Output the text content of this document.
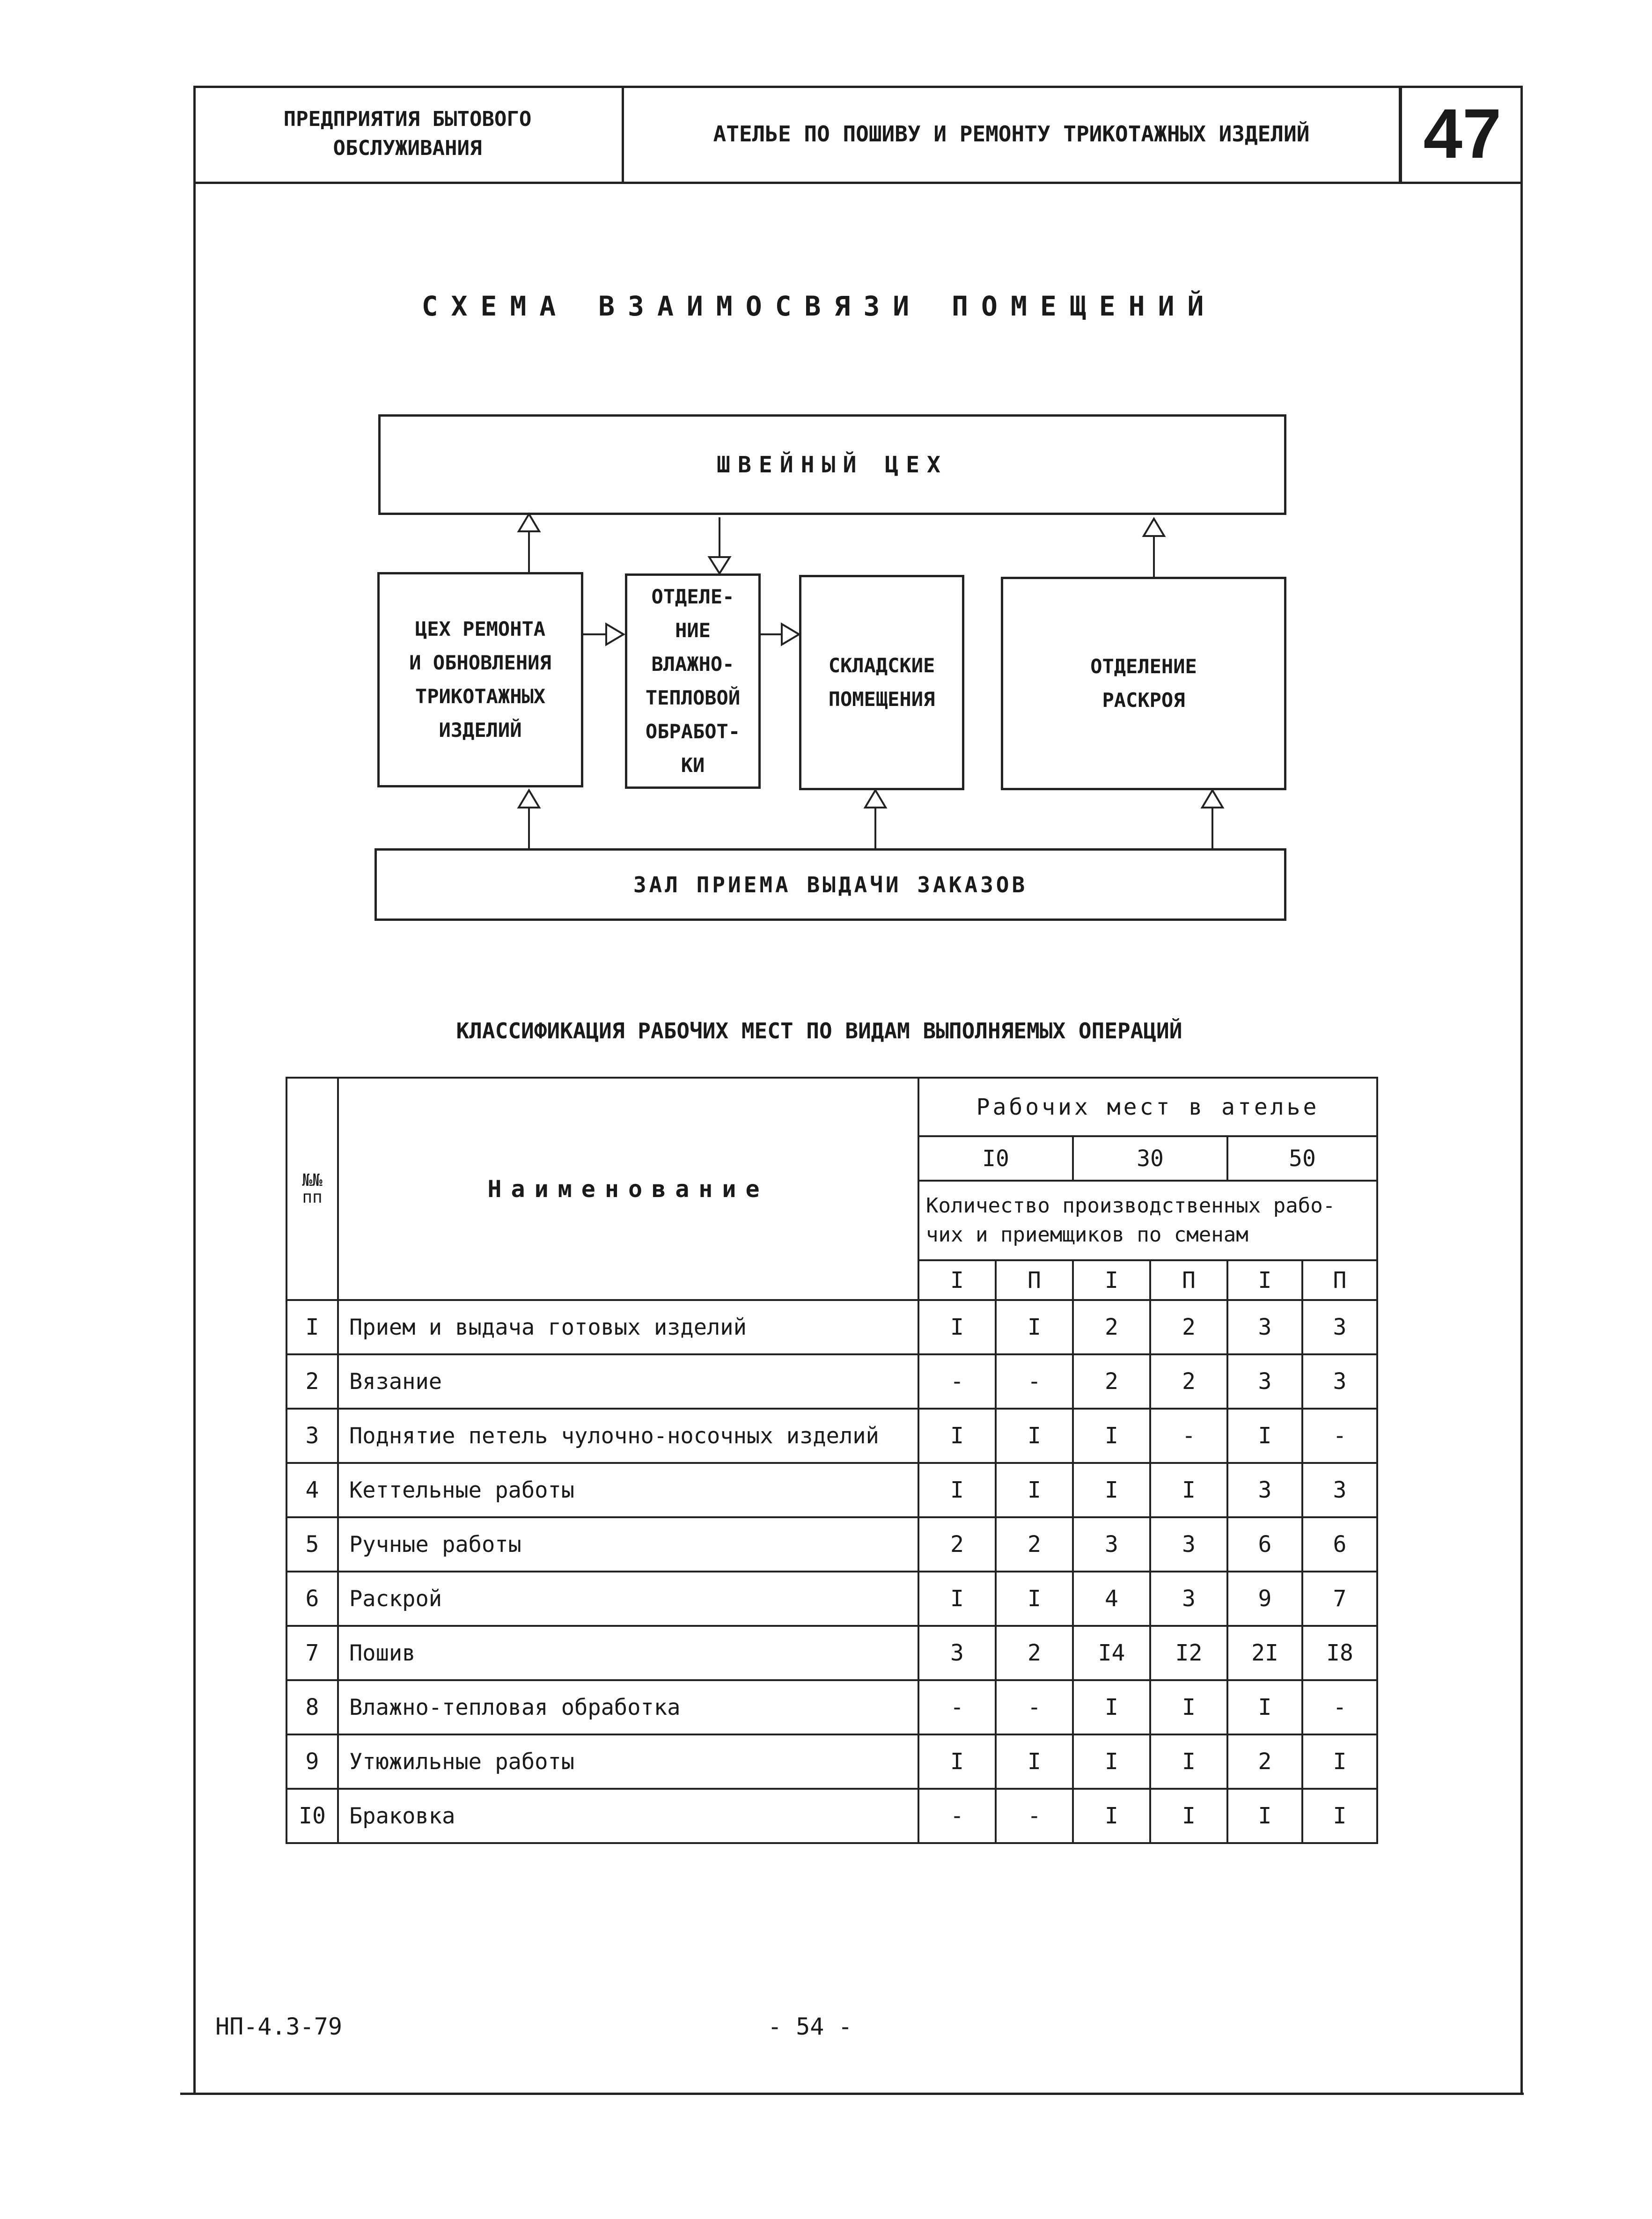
ПРЕДПРИЯТИЯ БЫТОВОГО
ОБСЛУЖИВАНИЯ
АТЕЛЬЕ ПО ПОШИВУ И РЕМОНТУ ТРИКОТАЖНЫХ ИЗДЕЛИЙ	47
СХЕМА ВЗАИМОСВЯЗИ ПОМЕЩЕНИЙ
ШВЕЙНЫЙ ЦЕХ
ЦЕХ РЕМОНТА
И ОБНОВЛЕНИЯ
ТРИКОТАЖНЫХ
ИЗДЕЛИЙ
ОТДЕЛЕ-
НИЕ
ВЛАЖНО-
ТЕПЛОВОЙ
ОБРАБОТ-
КИ
СКЛАДСКИЕ
ПОМЕЩЕНИЯ
ОТДЕЛЕНИЕ
РАСКРОЯ
ЗАЛ ПРИЕМА ВЫДАЧИ ЗАКАЗОВ
КЛАССИФИКАЦИЯ РАБОЧИХ МЕСТ ПО ВИДАМ ВЫПОЛНЯЕМЫХ ОПЕРАЦИЙ
№№
пп	Наименование	Рабочих мест в ателье					
		I0		30		50	

		Количество производственных рабо-
чих и приемщиков по сменам					

		I	П	I	П	I	П
I	Прием и выдача готовых изделий	I	I	2	2	3	3
2	Вязание	-	-	2	2	3	3
3	Поднятие петель чулочно-носочных изделий	I	I	I	-	I	-
4	Кеттельные работы	I	I	I	I	3	3
5	Ручные работы	2	2	3	3	6	6
6	Раскрой	I	I	4	3	9	7
7	Пошив	3	2	I4	I2	2I	I8
8	Влажно-тепловая обработка	-	-	I	I	I	-
9	Утюжильные работы	I	I	I	I	2	I
I0	Браковка	-	-	I	I	I	I
НП-4.3-79	- 54 -
